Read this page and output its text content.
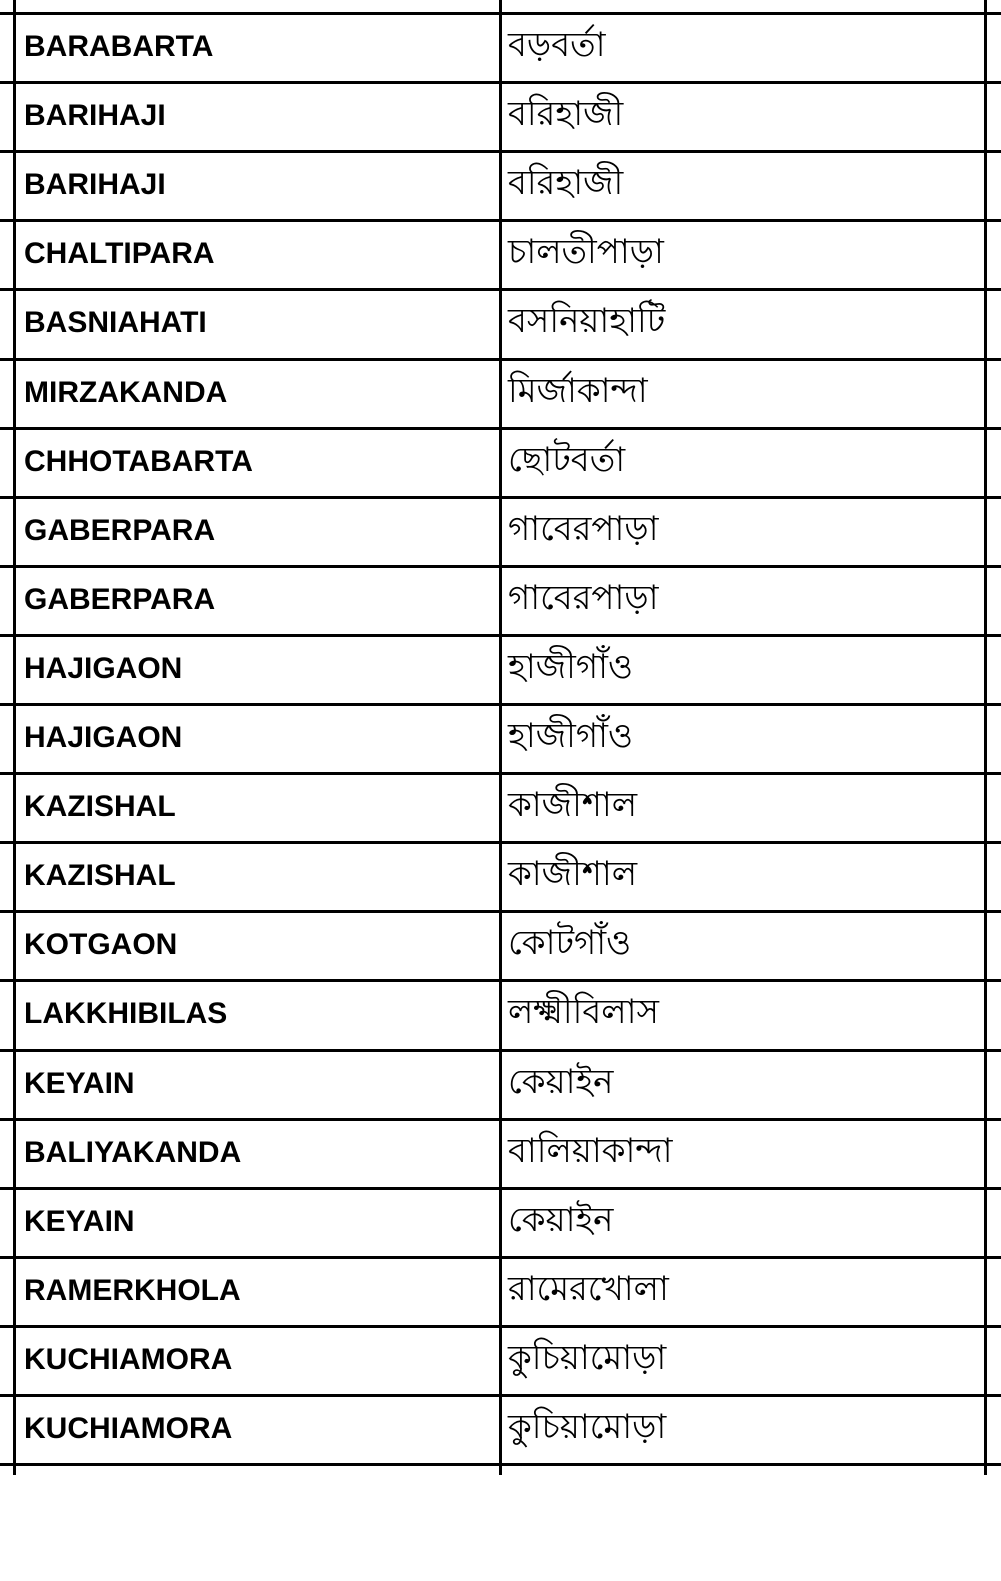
BARABARTA	বড়বর্তা
BARIHAJI	বরিহাজী
BARIHAJI	বরিহাজী
CHALTIPARA	চালতীপাড়া
BASNIAHATI	বসনিয়াহাটি
MIRZAKANDA	মির্জাকান্দা
CHHOTABARTA	ছোটবর্তা
GABERPARA	গাবেরপাড়া
GABERPARA	গাবেরপাড়া
HAJIGAON	হাজীগাঁও
HAJIGAON	হাজীগাঁও
KAZISHAL	কাজীশাল
KAZISHAL	কাজীশাল
KOTGAON	কোটগাঁও
LAKKHIBILAS	লক্ষ্মীবিলাস
KEYAIN	কেয়াইন
BALIYAKANDA	বালিয়াকান্দা
KEYAIN	কেয়াইন
RAMERKHOLA	রামেরখোলা
KUCHIAMORA	কুচিয়ামোড়া
KUCHIAMORA	কুচিয়ামোড়া
